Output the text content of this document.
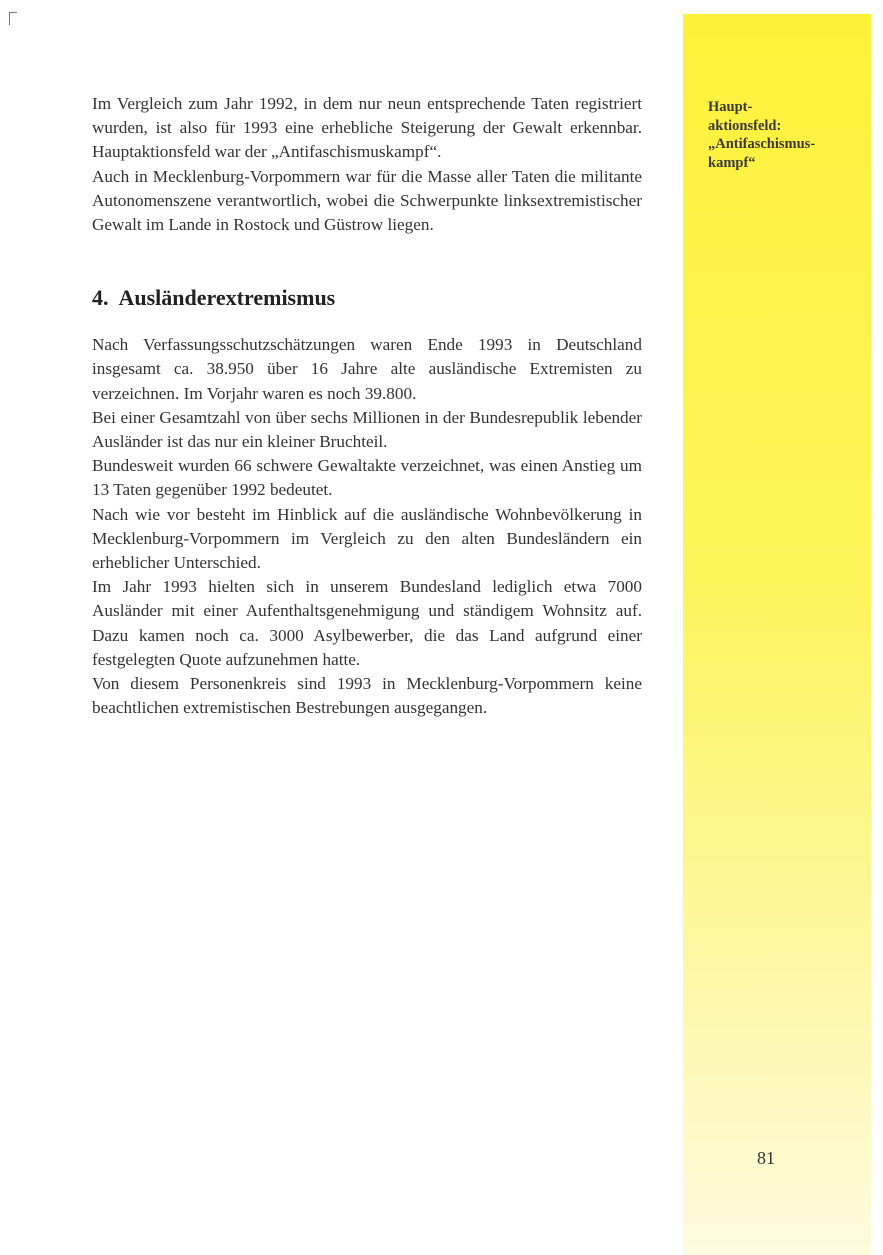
Haupt-
aktionsfeld:
„Antifaschismus-
kampf“

Im Vergleich zum Jahr 1992, in dem nur neun entsprechende Taten registriert wurden, ist also für 1993 eine erhebliche Steigerung der Gewalt erkennbar. Hauptaktionsfeld war der „Antifaschismuskampf“.

Auch in Mecklenburg-Vorpommern war für die Masse aller Taten die militante Autonomenszene verantwortlich, wobei die Schwerpunkte linksextremistischer Gewalt im Lande in Rostock und Güstrow liegen.

4. Ausländerextremismus

Nach Verfassungsschutzschätzungen waren Ende 1993 in Deutschland insgesamt ca. 38.950 über 16 Jahre alte ausländische Extremisten zu verzeichnen. Im Vorjahr waren es noch 39.800.

Bei einer Gesamtzahl von über sechs Millionen in der Bundesrepublik lebender Ausländer ist das nur ein kleiner Bruchteil.

Bundesweit wurden 66 schwere Gewaltakte verzeichnet, was einen Anstieg um 13 Taten gegenüber 1992 bedeutet.

Nach wie vor besteht im Hinblick auf die ausländische Wohnbevölkerung in Mecklenburg-Vorpommern im Vergleich zu den alten Bundesländern ein erheblicher Unterschied.

Im Jahr 1993 hielten sich in unserem Bundesland lediglich etwa 7000 Ausländer mit einer Aufenthaltsgenehmigung und ständigem Wohnsitz auf. Dazu kamen noch ca. 3000 Asylbewerber, die das Land aufgrund einer festgelegten Quote aufzunehmen hatte.

Von diesem Personenkreis sind 1993 in Mecklenburg-Vorpommern keine beachtlichen extremistischen Bestrebungen ausgegangen.

81
